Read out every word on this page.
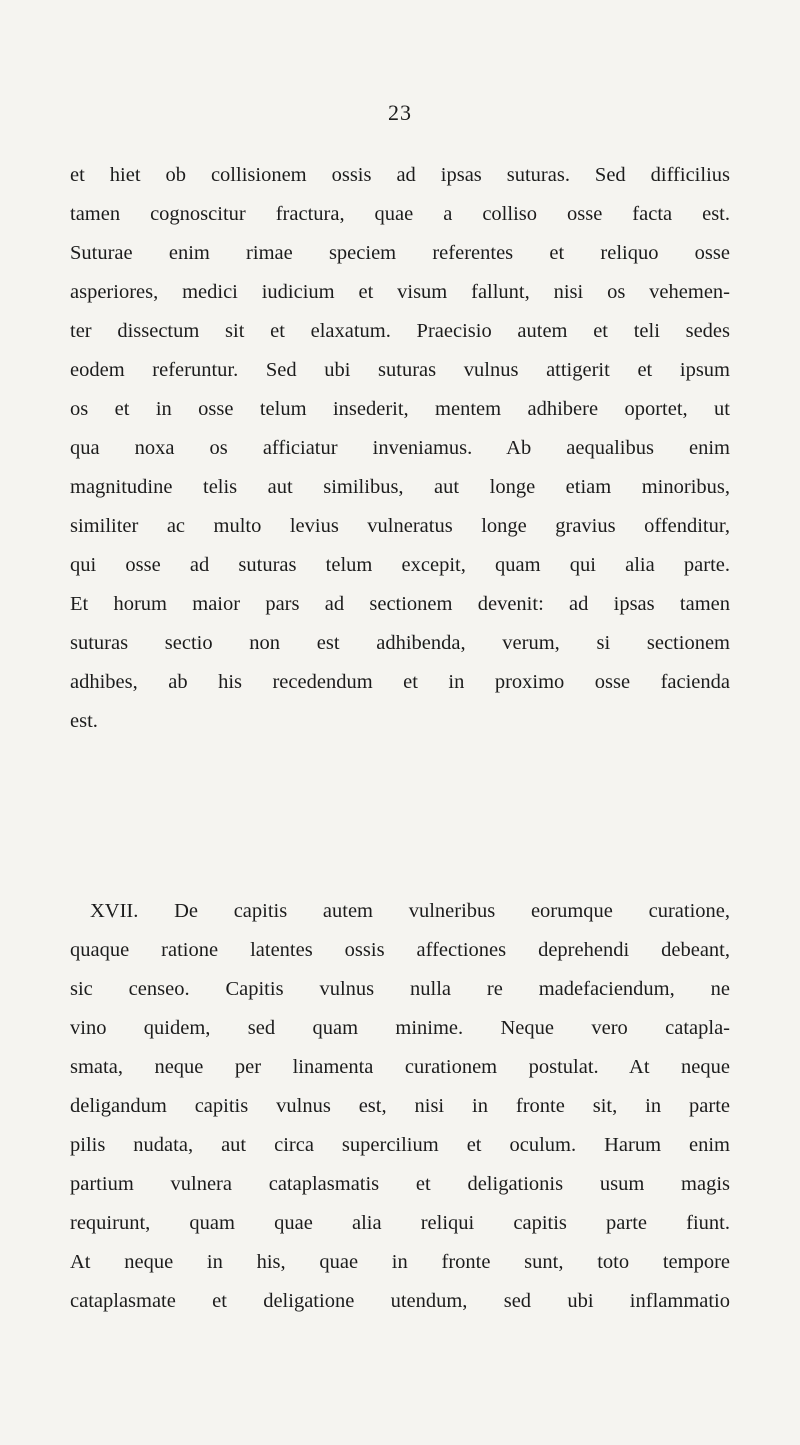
23
et hiet ob collisionem ossis ad ipsas suturas. Sed difficilius
tamen cognoscitur fractura, quae a colliso osse facta est.
Suturae enim rimae speciem referentes et reliquo osse
asperiores, medici iudicium et visum fallunt, nisi os vehemen-
ter dissectum sit et elaxatum. Praecisio autem et teli sedes
eodem referuntur. Sed ubi suturas vulnus attigerit et ipsum
os et in osse telum insederit, mentem adhibere oportet, ut
qua noxa os afficiatur inveniamus. Ab aequalibus enim
magnitudine telis aut similibus, aut longe etiam minoribus,
similiter ac multo levius vulneratus longe gravius offenditur,
qui osse ad suturas telum excepit, quam qui alia parte.
Et horum maior pars ad sectionem devenit: ad ipsas tamen
suturas sectio non est adhibenda, verum, si sectionem
adhibes, ab his recedendum et in proximo osse facienda
est.
XVII. De capitis autem vulneribus eorumque curatione,
quaque ratione latentes ossis affectiones deprehendi debeant,
sic censeo. Capitis vulnus nulla re madefaciendum, ne
vino quidem, sed quam minime. Neque vero catapla-
smata, neque per linamenta curationem postulat. At neque
deligandum capitis vulnus est, nisi in fronte sit, in parte
pilis nudata, aut circa supercilium et oculum. Harum enim
partium vulnera cataplasmatis et deligationis usum magis
requirunt, quam quae alia reliqui capitis parte fiunt.
At neque in his, quae in fronte sunt, toto tempore
cataplasmate et deligatione utendum, sed ubi inflammatio
